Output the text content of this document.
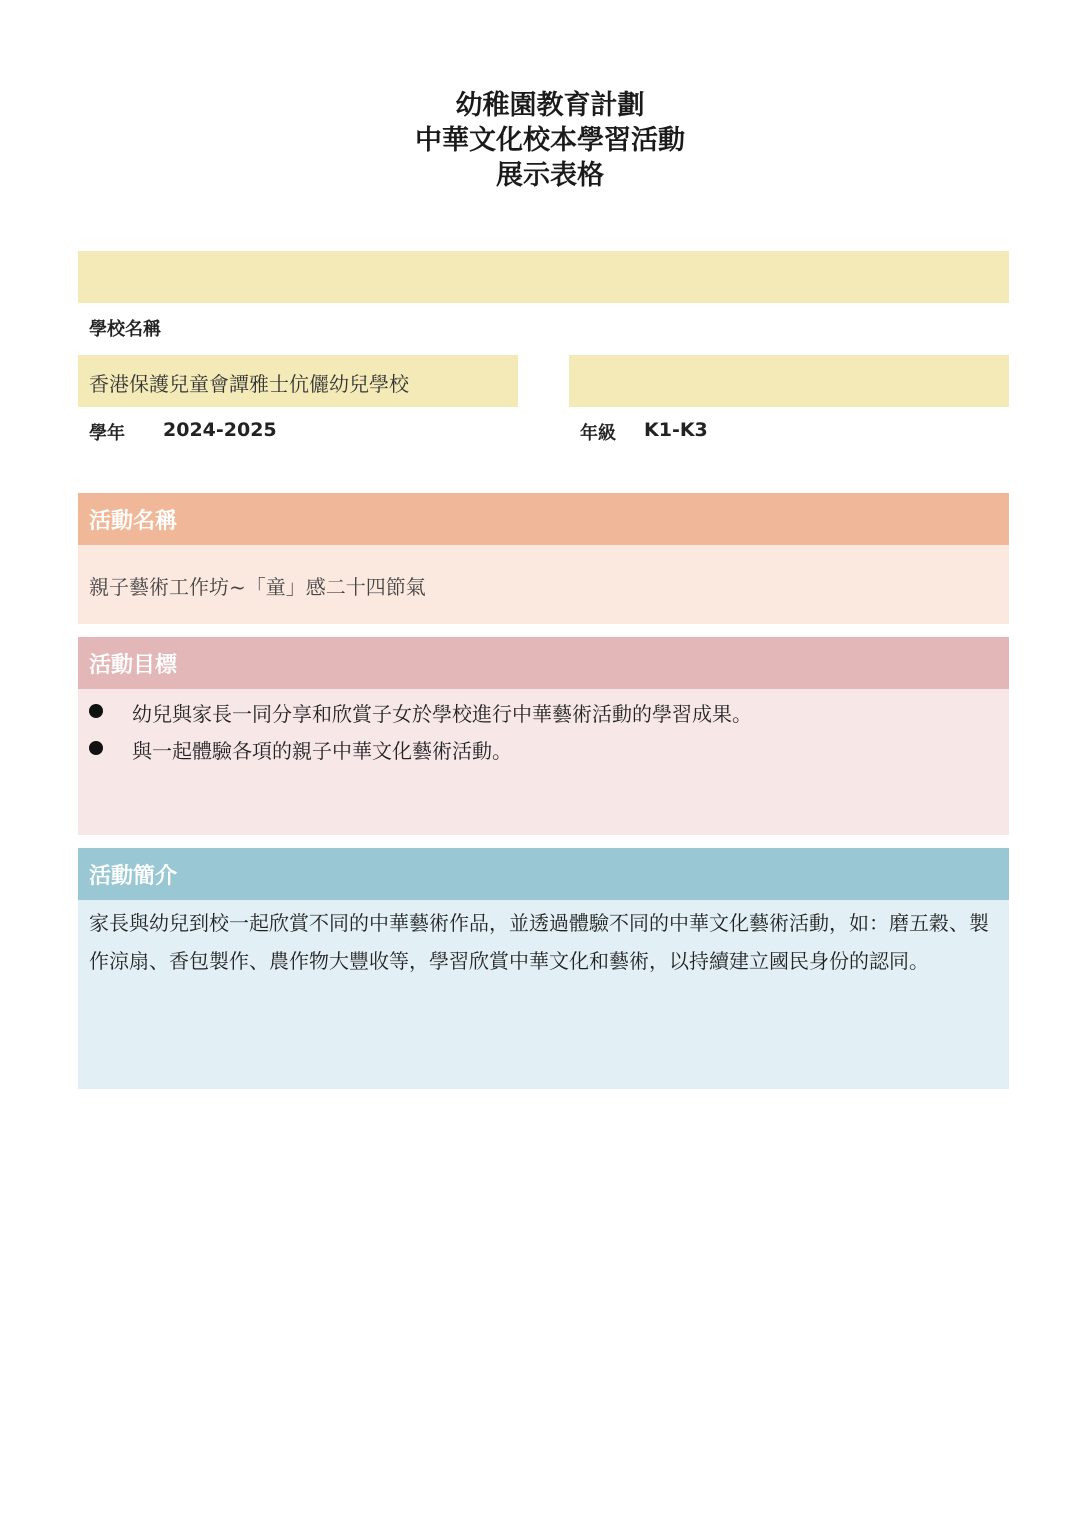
幼稚園教育計劃
中華文化校本學習活動
展示表格
學校名稱
香港保護兒童會譚雅士伉儷幼兒學校
學年 2024-2025	年級 K1-K3
活動名稱
親子藝術工作坊~「童」感二十四節氣
活動目標
幼兒與家長一同分享和欣賞子女於學校進行中華藝術活動的學習成果。
與一起體驗各項的親子中華文化藝術活動。
活動簡介

家長與幼兒到校一起欣賞不同的中華藝術作品，並透過體驗不同的中華文化藝術活動，如：磨五穀、製作涼扇、香包製作、農作物大豐收等，學習欣賞中華文化和藝術，以持續建立國民身份的認同。
